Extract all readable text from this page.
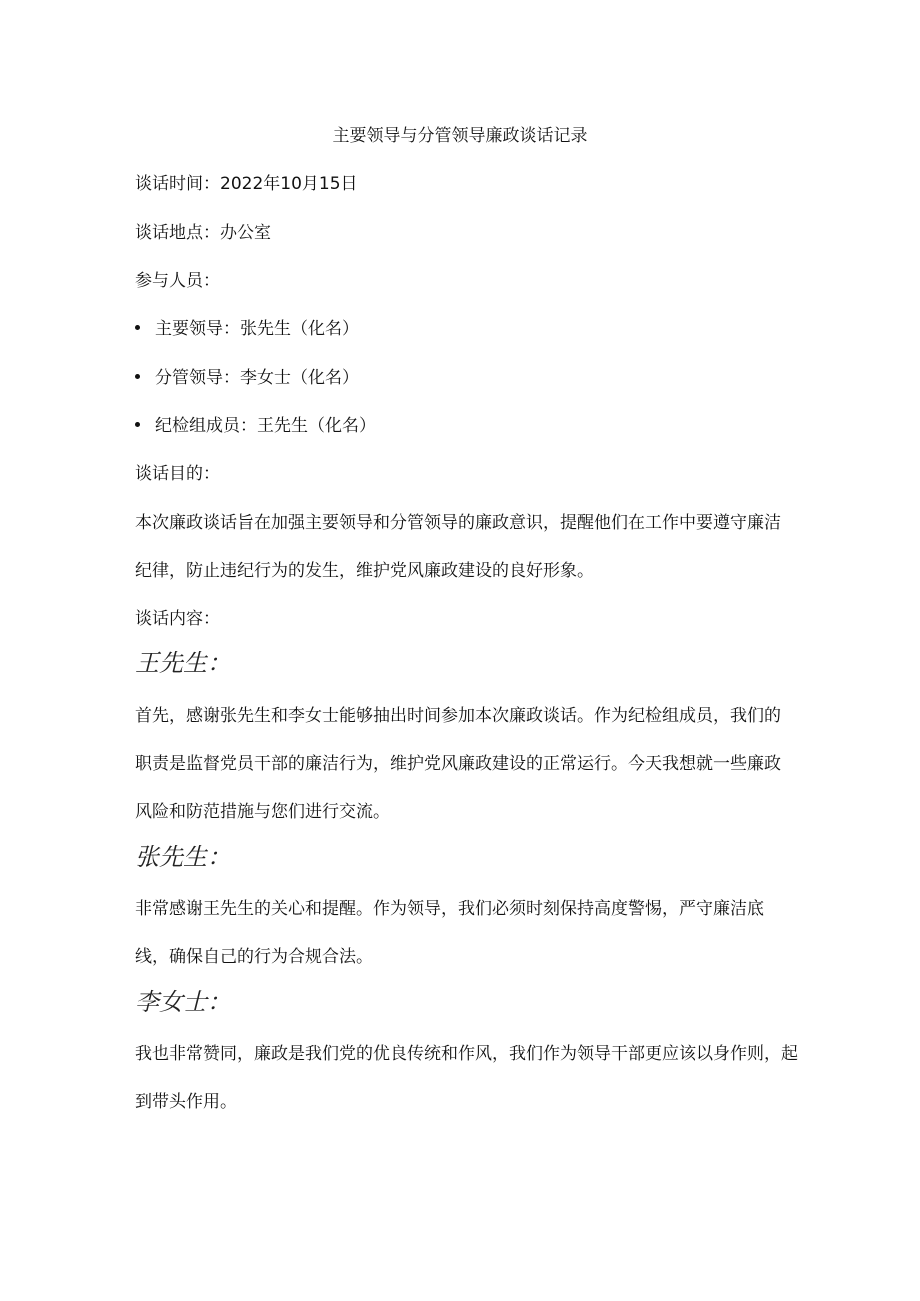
主要领导与分管领导廉政谈话记录
谈话时间：2022年10月15日
谈话地点：办公室
参与人员：
主要领导：张先生（化名）
分管领导：李女士（化名）
纪检组成员：王先生（化名）
谈话目的：
本次廉政谈话旨在加强主要领导和分管领导的廉政意识，提醒他们在工作中要遵守廉洁
纪律，防止违纪行为的发生，维护党风廉政建设的良好形象。
谈话内容：
王先生：
首先，感谢张先生和李女士能够抽出时间参加本次廉政谈话。作为纪检组成员，我们的
职责是监督党员干部的廉洁行为，维护党风廉政建设的正常运行。今天我想就一些廉政
风险和防范措施与您们进行交流。
张先生：
非常感谢王先生的关心和提醒。作为领导，我们必须时刻保持高度警惕，严守廉洁底
线，确保自己的行为合规合法。
李女士：
我也非常赞同，廉政是我们党的优良传统和作风，我们作为领导干部更应该以身作则，起
到带头作用。
